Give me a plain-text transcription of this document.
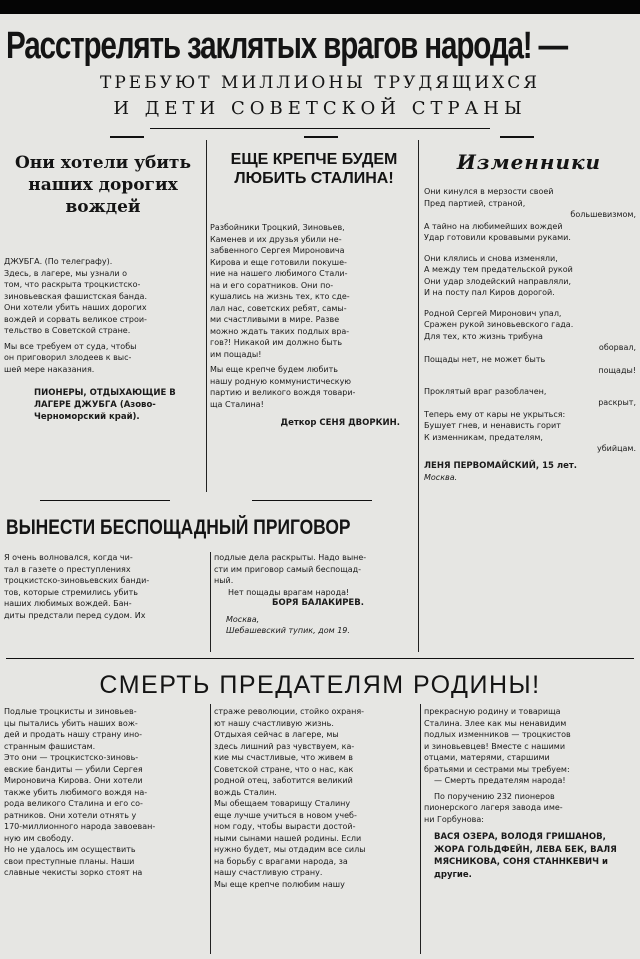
Расстрелять заклятых врагов народа! —
ТРЕБУЮТ МИЛЛИОНЫ ТРУДЯЩИХСЯ
И ДЕТИ СОВЕТСКОЙ СТРАНЫ
Они хотели убить наших дорогих вождей
ДЖУБГА. (По телеграфу).
Здесь, в лагере, мы узнали о
том, что раскрыта троцкистско-
зиновьевская фашистская банда.
Они хотели убить наших дорогих
вождей и сорвать великое строи-
тельство в Советской стране.
Мы все требуем от суда, чтобы
он приговорил злодеев к выс-
шей мере наказания.
ПИОНЕРЫ, ОТДЫХАЮЩИЕ В ЛАГЕРЕ ДЖУБГА (Азово-Черноморский край).
ЕЩЕ КРЕПЧЕ БУДЕМ ЛЮБИТЬ СТАЛИНА!
Разбойники Троцкий, Зиновьев,
Каменев и их друзья убили не-
забвенного Сергея Мироновича
Кирова и еще готовили покуше-
ние на нашего любимого Стали-
на и его соратников. Они по-
кушались на жизнь тех, кто сде-
лал нас, советских ребят, самы-
ми счастливыми в мире. Разве
можно ждать таких подлых вра-
гов?! Никакой им должно быть
им пощады!
Мы еще крепче будем любить
нашу родную коммунистическую
партию и великого вождя товари-
ща Сталина!
Деткор СЕНЯ ДВОРКИН.
Изменники
Они кинулся в мерзости своей
Пред партией, страной,
большевизмом,
А тайно на любимейших вождей
Удар готовили кровавыми руками.
Они клялись и снова изменяли,
А между тем предательской рукой
Они удар злодейский направляли,
И на посту пал Киров дорогой.
Родной Сергей Миронович упал,
Сражен рукой зиновьевского гада.
Для тех, кто жизнь трибуна
оборвал,
Пощады нет, не может быть
пощады!
Проклятый враг разоблачен,
раскрыт,
Теперь ему от кары не укрыться:
Бушует гнев, и ненависть горит
К изменникам, предателям,
убийцам.
ЛЕНЯ ПЕРВОМАЙСКИЙ, 15 лет.
Москва.
ВЫНЕСТИ БЕСПОЩАДНЫЙ ПРИГОВОР
Я очень волновался, когда чи-
тал в газете о преступлениях
троцкистско-зиновьевских банди-
тов, которые стремились убить
наших любимых вождей. Бан-
диты предстали перед судом. Их
подлые дела раскрыты. Надо выне-
сти им приговор самый беспощад-
ный.
Нет пощады врагам народа!
БОРЯ БАЛАКИРЕВ.
Москва,
Шебашевский тупик, дом 19.
СМЕРТЬ ПРЕДАТЕЛЯМ РОДИНЫ!
Подлые троцкисты и зиновьев-
цы пытались убить наших вож-
дей и продать нашу страну ино-
странным фашистам.
Это они — троцкистско-зиновь-
евские бандиты — убили Сергея
Мироновича Кирова. Они хотели
также убить любимого вождя на-
рода великого Сталина и его со-
ратников. Они хотели отнять у
170-миллионного народа завоеван-
ную им свободу.
Но не удалось им осуществить
свои преступные планы. Наши
славные чекисты зорко стоят на
страже революции, стойко охраня-
ют нашу счастливую жизнь.
Отдыхая сейчас в лагере, мы
здесь лишний раз чувствуем, ка-
кие мы счастливые, что живем в
Советской стране, что о нас, как
родной отец, заботится великий
вождь Сталин.
Мы обещаем товарищу Сталину
еще лучше учиться в новом учеб-
ном году, чтобы вырасти достой-
ными сынами нашей родины. Если
нужно будет, мы отдадим все силы
на борьбу с врагами народа, за
нашу счастливую страну.
Мы еще крепче полюбим нашу
прекрасную родину и товарища
Сталина. Злее как мы ненавидим
подлых изменников — троцкистов
и зиновьевцев! Вместе с нашими
отцами, матерями, старшими
братьями и сестрами мы требуем:
— Смерть предателям народа!
По поручению 232 пионеров
пионерского лагеря завода име-
ни Горбунова:
ВАСЯ ОЗЕРА, ВОЛОДЯ ГРИШАНОВ, ЖОРА ГОЛЬДФЕЙН, ЛЕВА БЕК, ВАЛЯ МЯСНИКОВА, СОНЯ СТАННКЕВИЧ и другие.
